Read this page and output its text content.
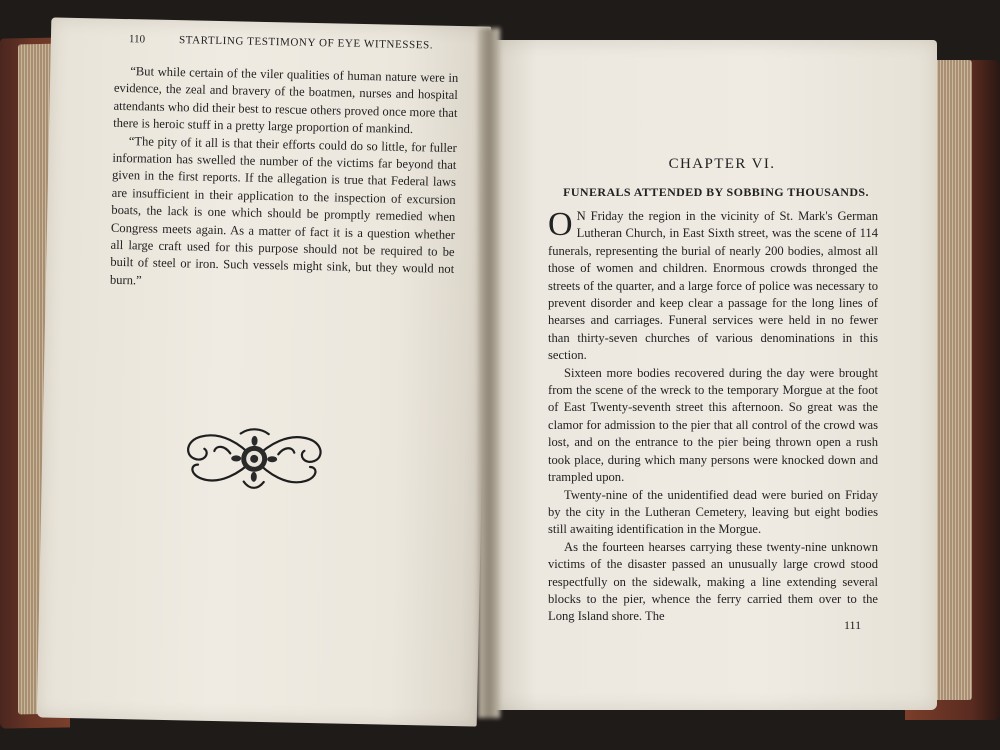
110	STARTLING TESTIMONY OF EYE WITNESSES.

“But while certain of the viler qualities of human nature were in evidence, the zeal and bravery of the boatmen, nurses and hospital attendants who did their best to rescue others proved once more that there is heroic stuff in a pretty large proportion of mankind.

“The pity of it all is that their efforts could do so little, for fuller information has swelled the number of the victims far beyond that given in the first reports. If the allegation is true that Federal laws are insufficient in their application to the inspection of excursion boats, the lack is one which should be promptly remedied when Congress meets again. As a matter of fact it is a question whether all large craft used for this purpose should not be required to be built of steel or iron. Such vessels might sink, but they would not burn.”

CHAPTER VI.
FUNERALS ATTENDED BY SOBBING THOUSANDS.

O N Friday the region in the vicinity of St. Mark's German Lutheran Church, in East Sixth street, was the scene of 114 funerals, representing the burial of nearly 200 bodies, almost all those of women and children. Enormous crowds thronged the streets of the quarter, and a large force of police was necessary to prevent disorder and keep clear a passage for the long lines of hearses and carriages. Funeral services were held in no fewer than thirty-seven churches of various denominations in this section.

Sixteen more bodies recovered during the day were brought from the scene of the wreck to the temporary Morgue at the foot of East Twenty-seventh street this afternoon. So great was the clamor for admission to the pier that all control of the crowd was lost, and on the entrance to the pier being thrown open a rush took place, during which many persons were knocked down and trampled upon.

Twenty-nine of the unidentified dead were buried on Friday by the city in the Lutheran Cemetery, leaving but eight bodies still awaiting identification in the Morgue.

As the fourteen hearses carrying these twenty-nine unknown victims of the disaster passed an unusually large crowd stood respectfully on the sidewalk, making a line extending several blocks to the pier, whence the ferry carried them over to the Long Island shore. The

111
